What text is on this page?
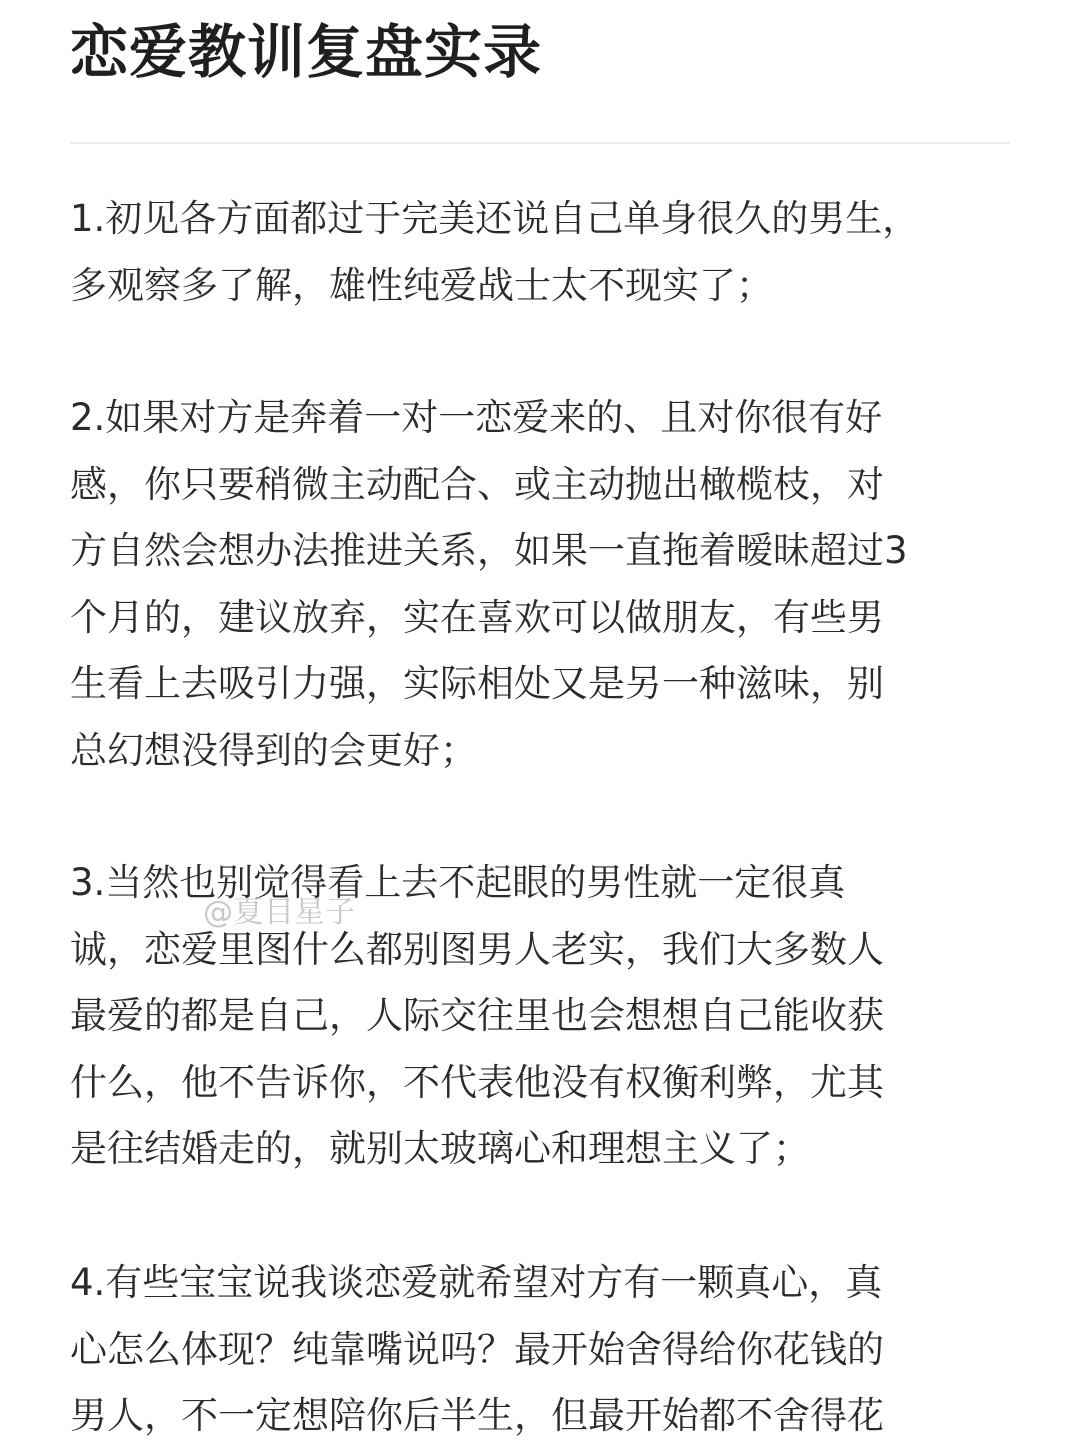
恋爱教训复盘实录

1.初见各方面都过于完美还说自己单身很久的男生，
多观察多了解，雄性纯爱战士太不现实了；

2.如果对方是奔着一对一恋爱来的、且对你很有好
感，你只要稍微主动配合、或主动抛出橄榄枝，对
方自然会想办法推进关系，如果一直拖着暧昧超过3
个月的，建议放弃，实在喜欢可以做朋友，有些男
生看上去吸引力强，实际相处又是另一种滋味，别
总幻想没得到的会更好；

3.当然也别觉得看上去不起眼的男性就一定很真
诚，恋爱里图什么都别图男人老实，我们大多数人
最爱的都是自己，人际交往里也会想想自己能收获
什么，他不告诉你，不代表他没有权衡利弊，尤其
是往结婚走的，就别太玻璃心和理想主义了；

@夏目星子

4.有些宝宝说我谈恋爱就希望对方有一颗真心，真
心怎么体现？纯靠嘴说吗？最开始舍得给你花钱的
男人，不一定想陪你后半生，但最开始都不舍得花
